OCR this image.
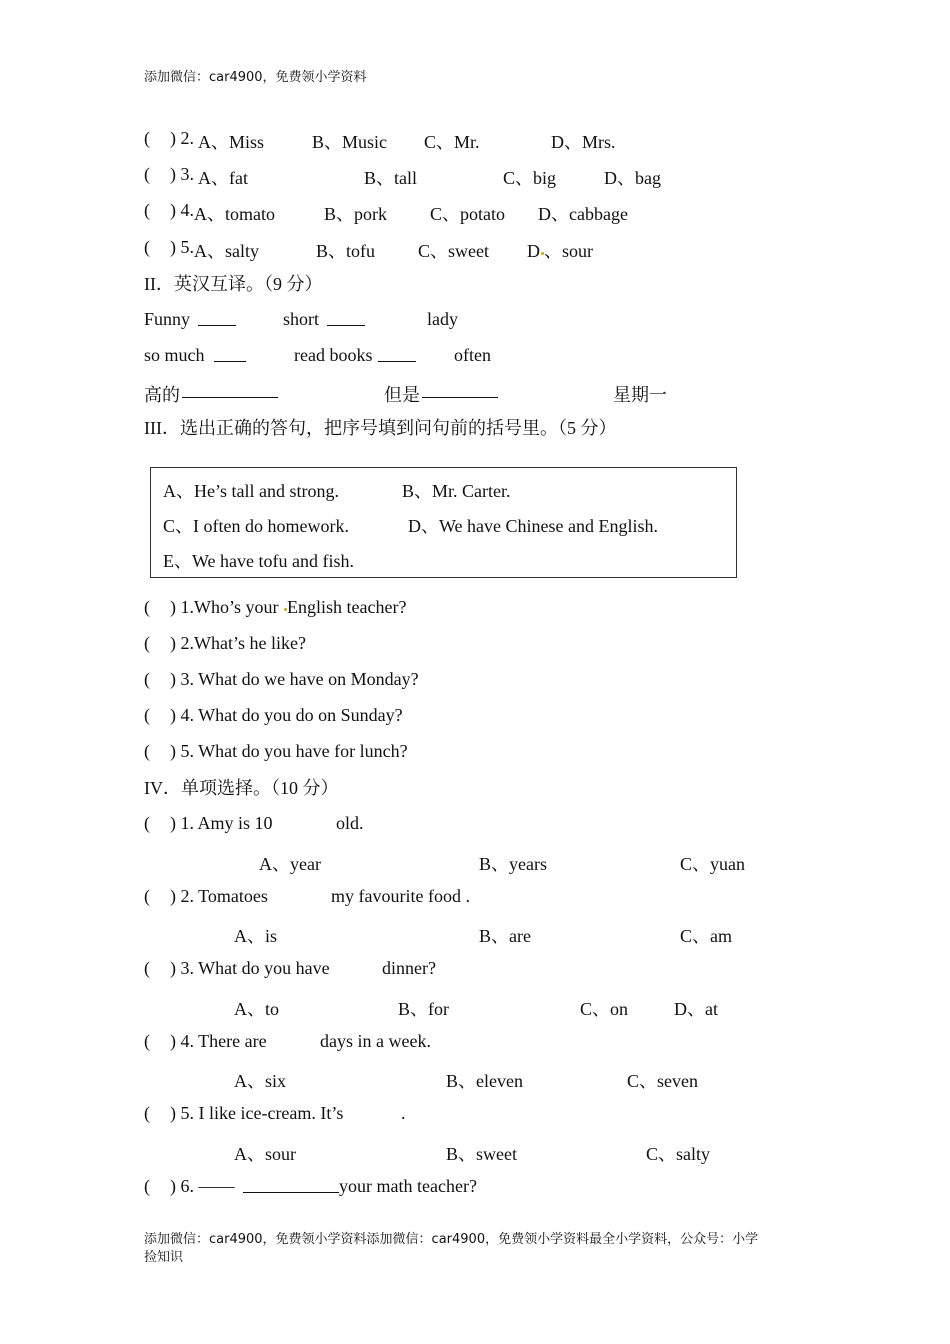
添加微信：car4900，免费领小学资料
( ) 2. A、Miss	B、Music C、Mr.	D、Mrs.
( ) 3. A、fat	B、tall	C、big	D、bag
( ) 4. A、tomato	B、pork C、potato D、cabbage
( ) 5. A、salty	B、tofu C、sweet D 、sour
II．英汉互译。（9 分）
Funny	short	lady
so much	read books	often
高的	但是	星期一
III．选出正确的答句，把序号填到问句前的括号里。（5 分）
A、He’s tall and strong.	B、Mr. Carter.
C、I often do homework.	D、We have Chinese and English.
E、We have tofu and fish.
( ) 1.Who’s your English teacher?
( ) 2.What’s he like?
( ) 3. What do we have on Monday?
( ) 4. What do you do on Sunday?
( ) 5. What do you have for lunch?
IV．单项选择。（10 分）
( ) 1. Amy is 10	old.
A、year	B、years	C、yuan
( ) 2. Tomatoes	my favourite food .
A、is	B、are	C、am
( ) 3. What do you have	dinner?
A、to	B、for	C、on	D、at
( ) 4. There are	days in a week.
A、six	B、eleven	C、seven
( ) 5. I like ice-cream. It’s	.
A、sour	B、sweet	C、salty
( ) 6. ——	your math teacher?
添加微信：car4900，免费领小学资料添加微信：car4900，免费领小学资料最全小学资料，公众号：小学
捡知识
